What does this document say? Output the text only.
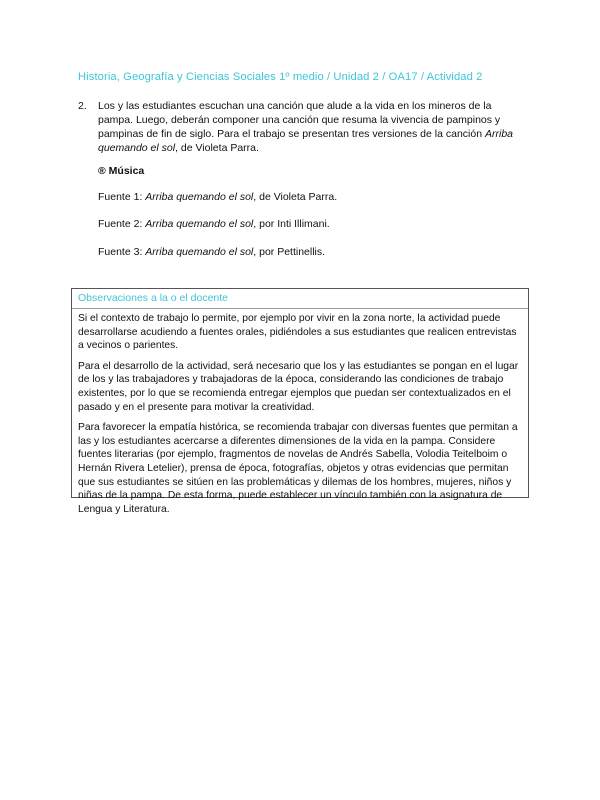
Historia, Geografía y Ciencias Sociales 1º medio / Unidad 2 / OA17 / Actividad 2
2. Los y las estudiantes escuchan una canción que alude a la vida en los mineros de la pampa. Luego, deberán componer una canción que resuma la vivencia de pampinos y pampinas de fin de siglo. Para el trabajo se presentan tres versiones de la canción Arriba quemando el sol, de Violeta Parra.
® Música
Fuente 1: Arriba quemando el sol, de Violeta Parra.
Fuente 2: Arriba quemando el sol, por Inti Illimani.
Fuente 3: Arriba quemando el sol, por Pettinellis.
Observaciones a la o el docente

Si el contexto de trabajo lo permite, por ejemplo por vivir en la zona norte, la actividad puede desarrollarse acudiendo a fuentes orales, pidiéndoles a sus estudiantes que realicen entrevistas a vecinos o parientes.

Para el desarrollo de la actividad, será necesario que los y las estudiantes se pongan en el lugar de los y las trabajadores y trabajadoras de la época, considerando las condiciones de trabajo existentes, por lo que se recomienda entregar ejemplos que puedan ser contextualizados en el pasado y en el presente para motivar la creatividad.

Para favorecer la empatía histórica, se recomienda trabajar con diversas fuentes que permitan a las y los estudiantes acercarse a diferentes dimensiones de la vida en la pampa. Considere fuentes literarias (por ejemplo, fragmentos de novelas de Andrés Sabella, Volodia Teitelboim o Hernán Rivera Letelier), prensa de época, fotografías, objetos y otras evidencias que permitan que sus estudiantes se sitúen en las problemáticas y dilemas de los hombres, mujeres, niños y niñas de la pampa. De esta forma, puede establecer un vínculo también con la asignatura de Lengua y Literatura.
